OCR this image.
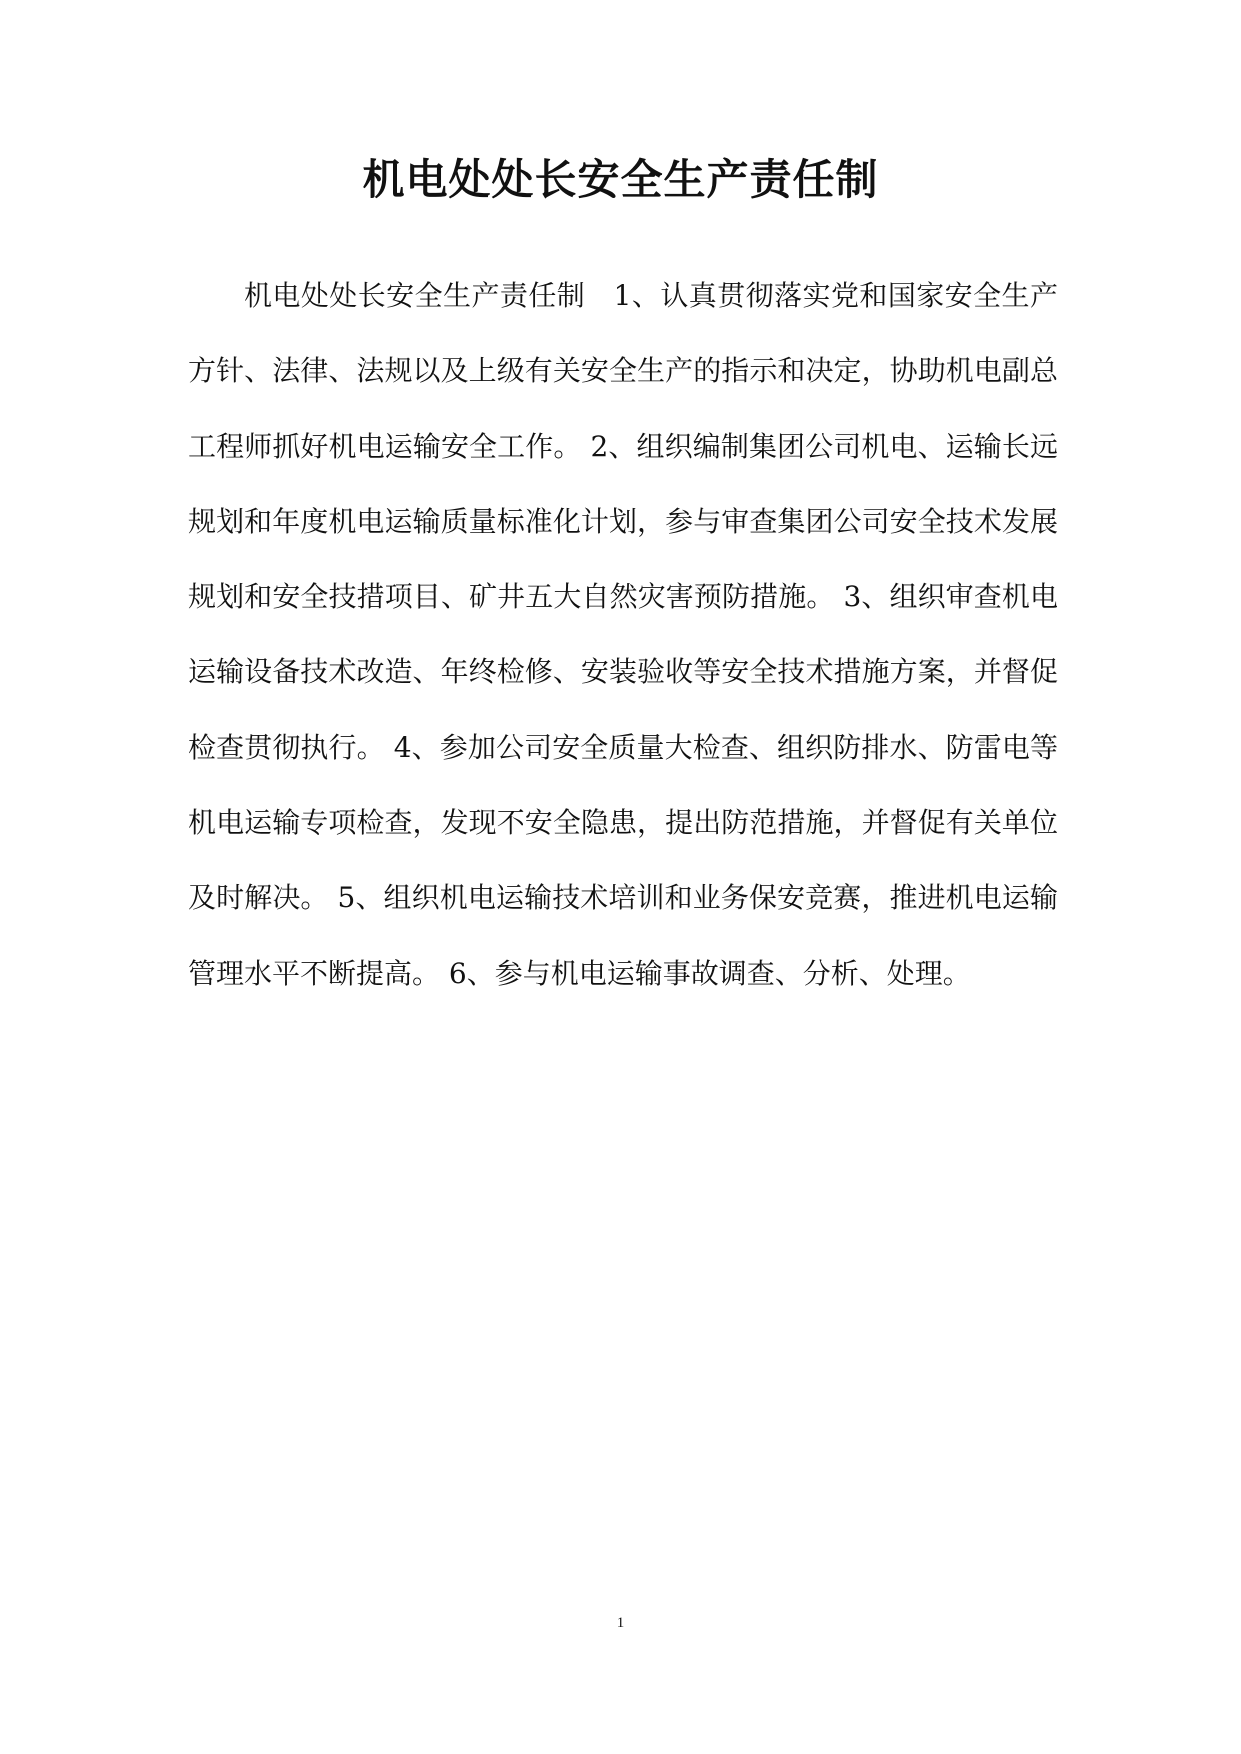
机电处处长安全生产责任制

机电处处长安全生产责任制　1、认真贯彻落实党和国家安全生产方针、法律、法规以及上级有关安全生产的指示和决定，协助机电副总工程师抓好机电运输安全工作。 2、组织编制集团公司机电、运输长远规划和年度机电运输质量标准化计划，参与审查集团公司安全技术发展规划和安全技措项目、矿井五大自然灾害预防措施。 3、组织审查机电运输设备技术改造、年终检修、安装验收等安全技术措施方案，并督促检查贯彻执行。 4、参加公司安全质量大检查、组织防排水、防雷电等机电运输专项检查，发现不安全隐患，提出防范措施，并督促有关单位及时解决。 5、组织机电运输技术培训和业务保安竞赛，推进机电运输管理水平不断提高。 6、参与机电运输事故调查、分析、处理。

1
